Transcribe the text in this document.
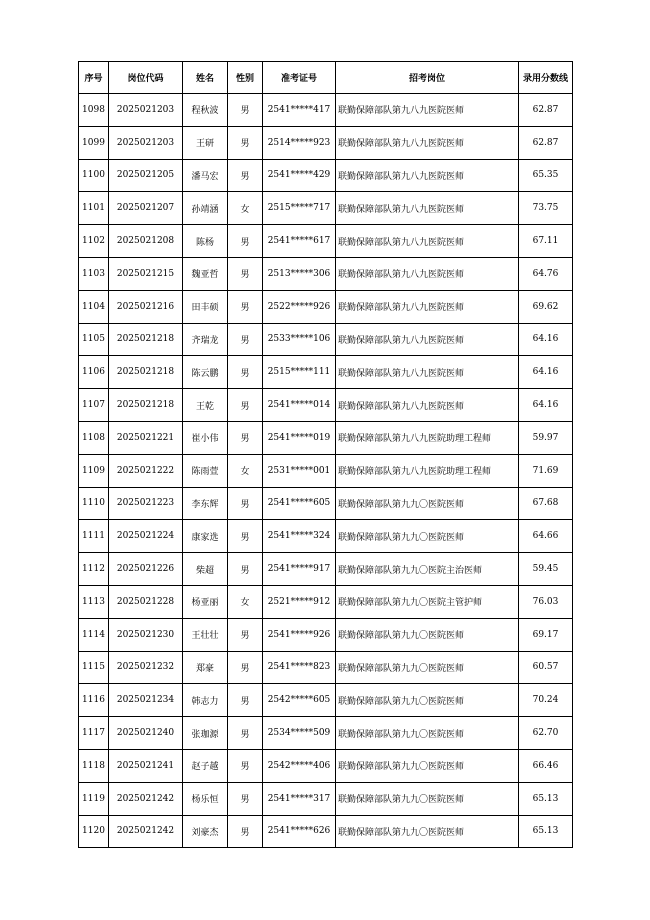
序号	岗位代码	姓名	性别	准考证号	招考岗位	录用分数线
1098	2025021203	程秋波	男	2541*****417	联勤保障部队第九八九医院医师	62.87
1099	2025021203	王研	男	2514*****923	联勤保障部队第九八九医院医师	62.87
1100	2025021205	潘马宏	男	2541*****429	联勤保障部队第九八九医院医师	65.35
1101	2025021207	孙靖涵	女	2515*****717	联勤保障部队第九八九医院医师	73.75
1102	2025021208	陈杨	男	2541*****617	联勤保障部队第九八九医院医师	67.11
1103	2025021215	魏亚哲	男	2513*****306	联勤保障部队第九八九医院医师	64.76
1104	2025021216	田丰硕	男	2522*****926	联勤保障部队第九八九医院医师	69.62
1105	2025021218	齐瑞龙	男	2533*****106	联勤保障部队第九八九医院医师	64.16
1106	2025021218	陈云鹏	男	2515*****111	联勤保障部队第九八九医院医师	64.16
1107	2025021218	王乾	男	2541*****014	联勤保障部队第九八九医院医师	64.16
1108	2025021221	崔小伟	男	2541*****019	联勤保障部队第九八九医院助理工程师	59.97
1109	2025021222	陈雨萱	女	2531*****001	联勤保障部队第九八九医院助理工程师	71.69
1110	2025021223	李东辉	男	2541*****605	联勤保障部队第九九〇医院医师	67.68
1111	2025021224	康家选	男	2541*****324	联勤保障部队第九九〇医院医师	64.66
1112	2025021226	柴超	男	2541*****917	联勤保障部队第九九〇医院主治医师	59.45
1113	2025021228	杨亚丽	女	2521*****912	联勤保障部队第九九〇医院主管护师	76.03
1114	2025021230	王壮壮	男	2541*****926	联勤保障部队第九九〇医院医师	69.17
1115	2025021232	郑豪	男	2541*****823	联勤保障部队第九九〇医院医师	60.57
1116	2025021234	韩志力	男	2542*****605	联勤保障部队第九九〇医院医师	70.24
1117	2025021240	张珈源	男	2534*****509	联勤保障部队第九九〇医院医师	62.70
1118	2025021241	赵子越	男	2542*****406	联勤保障部队第九九〇医院医师	66.46
1119	2025021242	杨乐恒	男	2541*****317	联勤保障部队第九九〇医院医师	65.13
1120	2025021242	刘豪杰	男	2541*****626	联勤保障部队第九九〇医院医师	65.13
